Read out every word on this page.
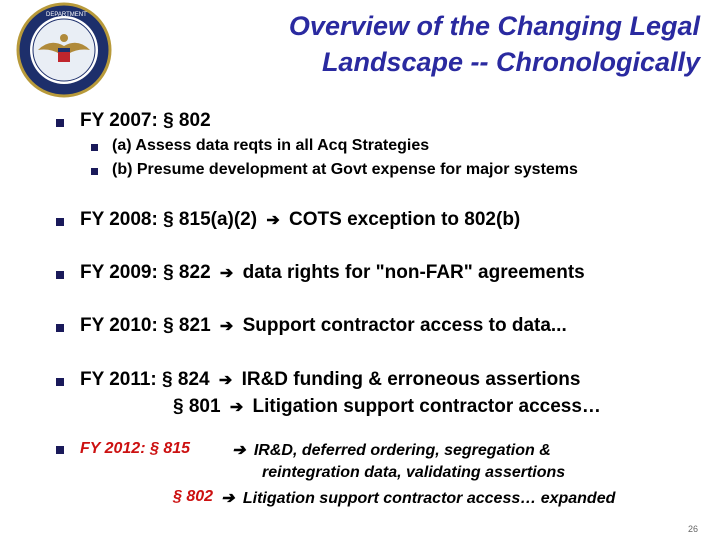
DEPARTMENT	Overview of the Changing Legal
Landscape -- Chronologically
FY 2007: § 802
(a) Assess data reqts in all Acq Strategies
(b) Presume development at Govt expense for major systems
FY 2008: § 815(a)(2) ➔ COTS exception to 802(b)
FY 2009: § 822 ➔ data rights for "non-FAR" agreements
FY 2010: § 821 ➔ Support contractor access to data...
FY 2011: § 824 ➔ IR&D funding & erroneous assertions
§ 801 ➔ Litigation support contractor access…
FY 2012: § 815	➔ IR&D, deferred ordering, segregation &
reintegration data, validating assertions
§ 802 ➔ Litigation support contractor access… expanded
26
